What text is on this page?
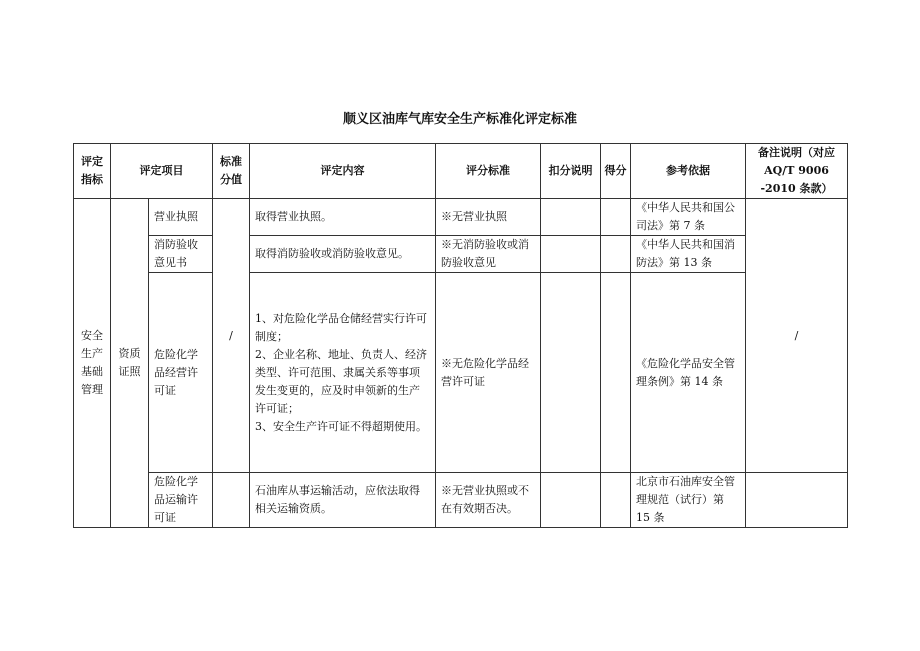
顺义区油库气库安全生产标准化评定标准
评定指标	评定项目		标准分值	评定内容	评分标准	扣分说明	得分	参考依据	备注说明（对应 AQ/T 9006 -2010 条款）
安全生产基础管理	资质证照	营业执照	/	取得营业执照。	※无营业执照			《中华人民共和国公司法》第 7 条	/
		消防验收意见书		取得消防验收或消防验收意见。	※无消防验收或消防验收意见			《中华人民共和国消防法》第 13 条	
		危险化学品经营许可证		1、对危险化学品仓储经营实行许可制度；
2、企业名称、地址、负责人、经济类型、许可范围、隶属关系等事项发生变更的，应及时申领新的生产许可证；
3、安全生产许可证不得超期使用。	※无危险化学品经营许可证			《危险化学品安全管理条例》第 14 条	
		危险化学品运输许可证		石油库从事运输活动，应依法取得相关运输资质。	※无营业执照或不在有效期否决。			北京市石油库安全管理规范（试行）第 15 条	
